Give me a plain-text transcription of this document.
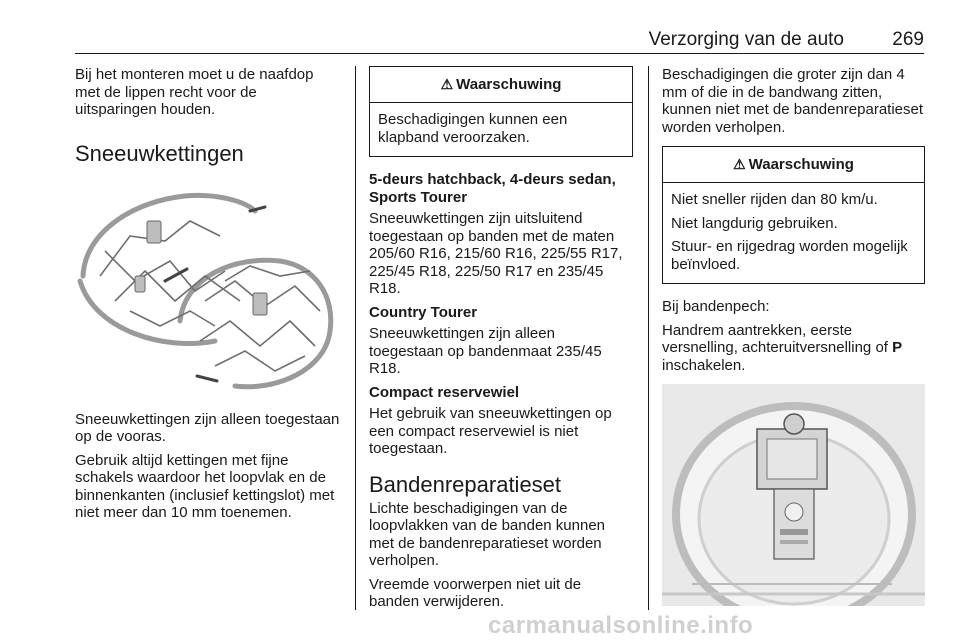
Verzorging van de auto	269

Bij het monteren moet u de naafdop met de lippen recht voor de uitsparingen houden.

Sneeuwkettingen

Sneeuwkettingen zijn alleen toegestaan op de vooras.

Gebruik altijd kettingen met fijne schakels waardoor het loopvlak en de binnenkanten (inclusief kettingslot) met niet meer dan 10 mm toenemen.

⚠ Waarschuwing

Beschadigingen kunnen een klapband veroorzaken.

5-deurs hatchback, 4-deurs sedan, Sports Tourer

Sneeuwkettingen zijn uitsluitend toegestaan op banden met de maten 205/60 R16, 215/60 R16, 225/55 R17, 225/45 R18, 225/50 R17 en 235/45 R18.

Country Tourer

Sneeuwkettingen zijn alleen toegestaan op bandenmaat 235/45 R18.

Compact reservewiel

Het gebruik van sneeuwkettingen op een compact reservewiel is niet toegestaan.

Bandenreparatieset

Lichte beschadigingen van de loopvlakken van de banden kunnen met de bandenreparatieset worden verholpen.

Vreemde voorwerpen niet uit de banden verwijderen.

Beschadigingen die groter zijn dan 4 mm of die in de bandwang zitten, kunnen niet met de bandenreparatieset worden verholpen.

⚠ Waarschuwing

Niet sneller rijden dan 80 km/u.

Niet langdurig gebruiken.

Stuur- en rijgedrag worden mogelijk beïnvloed.

Bij bandenpech:

Handrem aantrekken, eerste versnelling, achteruitversnelling of P inschakelen.

carmanualsonline.info
